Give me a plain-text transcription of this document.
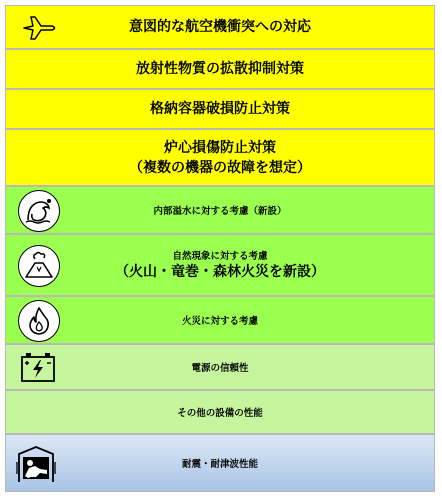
意図的な航空機衝突への対応
放射性物質の拡散抑制対策
格納容器破損防止対策
炉心損傷防止対策
（複数の機器の故障を想定）
内部溢水に対する考慮（新設）
自然現象に対する考慮
（火山・竜巻・森林火災を新設）
火災に対する考慮
電源の信頼性
その他の設備の性能
耐震・耐津波性能
